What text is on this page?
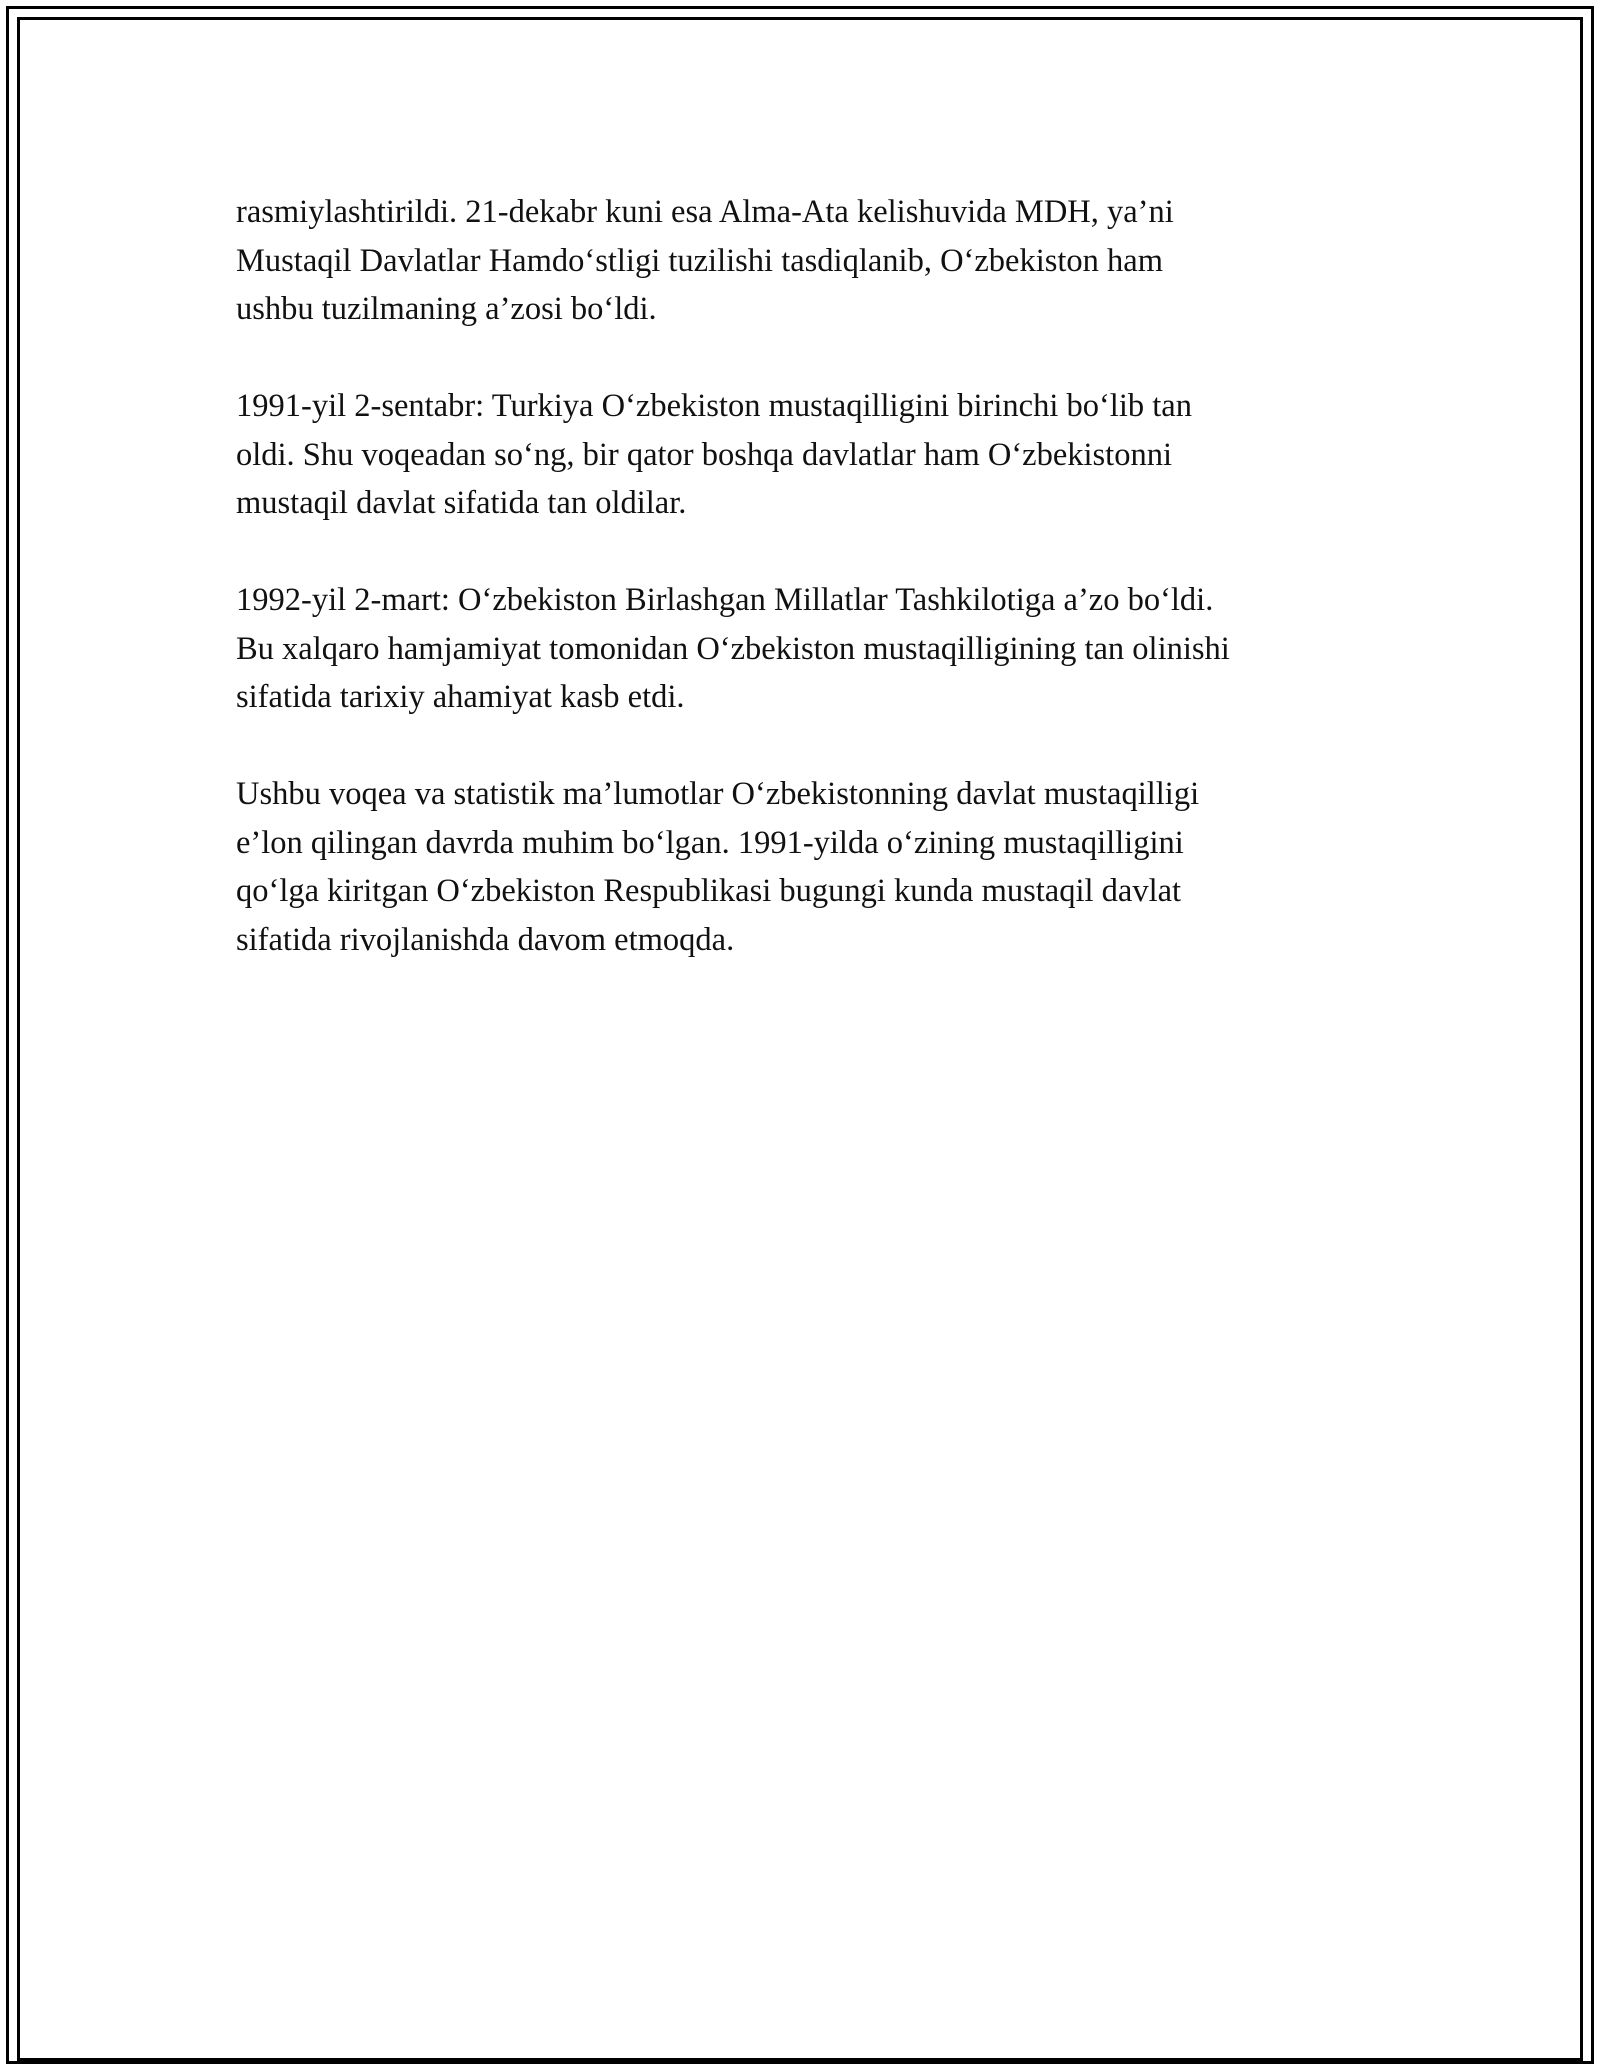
rasmiylashtirildi. 21-dekabr kuni esa Alma-Ata kelishuvida MDH, ya’ni
Mustaqil Davlatlar Hamdo‘stligi tuzilishi tasdiqlanib, O‘zbekiston ham
ushbu tuzilmaning a’zosi bo‘ldi.

1991-yil 2-sentabr: Turkiya O‘zbekiston mustaqilligini birinchi bo‘lib tan
oldi. Shu voqeadan so‘ng, bir qator boshqa davlatlar ham O‘zbekistonni
mustaqil davlat sifatida tan oldilar.

1992-yil 2-mart: O‘zbekiston Birlashgan Millatlar Tashkilotiga a’zo bo‘ldi.
Bu xalqaro hamjamiyat tomonidan O‘zbekiston mustaqilligining tan olinishi
sifatida tarixiy ahamiyat kasb etdi.

Ushbu voqea va statistik ma’lumotlar O‘zbekistonning davlat mustaqilligi
e’lon qilingan davrda muhim bo‘lgan. 1991-yilda o‘zining mustaqilligini
qo‘lga kiritgan O‘zbekiston Respublikasi bugungi kunda mustaqil davlat
sifatida rivojlanishda davom etmoqda.
